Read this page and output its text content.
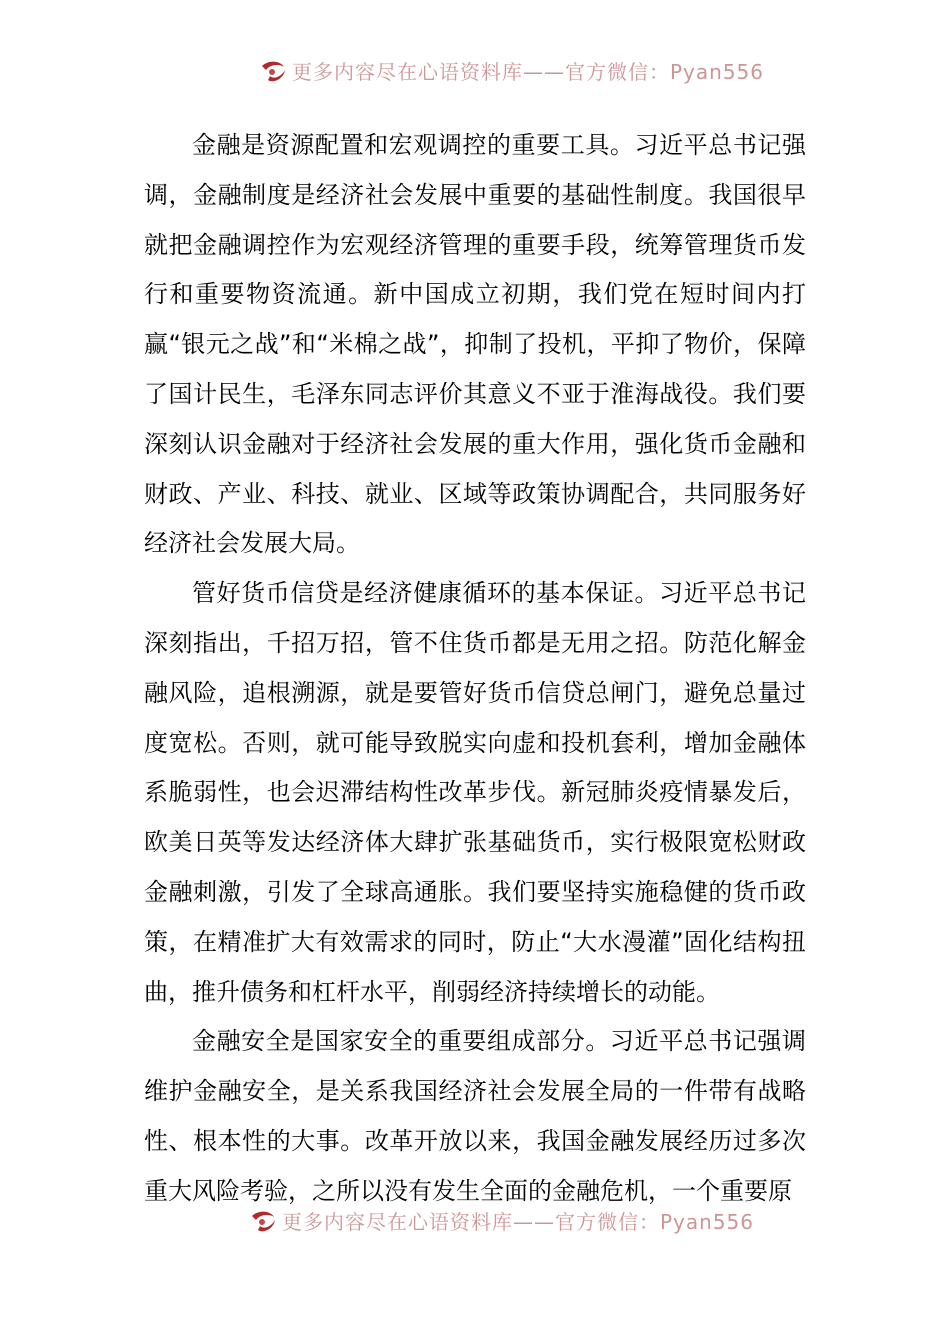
更多内容尽在心语资料库——官方微信：Pyan556

金融是资源配置和宏观调控的重要工具。习近平总书记强调，金融制度是经济社会发展中重要的基础性制度。我国很早就把金融调控作为宏观经济管理的重要手段，统筹管理货币发行和重要物资流通。新中国成立初期，我们党在短时间内打赢“银元之战”和“米棉之战”，抑制了投机，平抑了物价，保障了国计民生，毛泽东同志评价其意义不亚于淮海战役。我们要深刻认识金融对于经济社会发展的重大作用，强化货币金融和财政、产业、科技、就业、区域等政策协调配合，共同服务好经济社会发展大局。

管好货币信贷是经济健康循环的基本保证。习近平总书记深刻指出，千招万招，管不住货币都是无用之招。防范化解金融风险，追根溯源，就是要管好货币信贷总闸门，避免总量过度宽松。否则，就可能导致脱实向虚和投机套利，增加金融体系脆弱性，也会迟滞结构性改革步伐。新冠肺炎疫情暴发后，欧美日英等发达经济体大肆扩张基础货币，实行极限宽松财政金融刺激，引发了全球高通胀。我们要坚持实施稳健的货币政策，在精准扩大有效需求的同时，防止“大水漫灌”固化结构扭曲，推升债务和杠杆水平，削弱经济持续增长的动能。

金融安全是国家安全的重要组成部分。习近平总书记强调维护金融安全，是关系我国经济社会发展全局的一件带有战略性、根本性的大事。改革开放以来，我国金融发展经历过多次重大风险考验，之所以没有发生全面的金融危机，一个重要原

更多内容尽在心语资料库——官方微信：Pyan556
